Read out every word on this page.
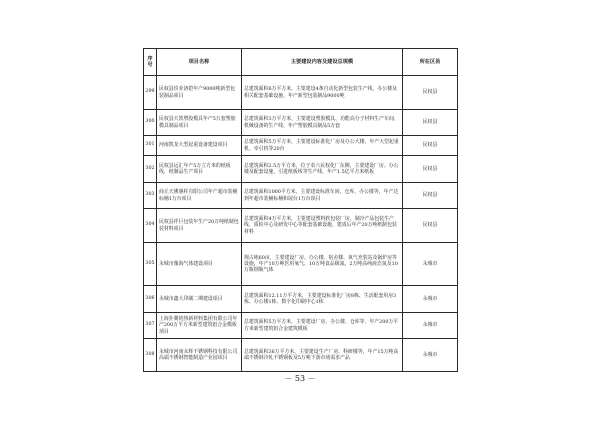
序号	项目名称	主要建设内容及建设总规模	所在区县
299	民权县玖业洛铠年产9000吨新型包装制品项目	总建筑面积6万平方米，主要建设4条自动化新型包装生产线，办公楼及相关配套基础设施，年产新型包装制品9000吨	民权县
300	民权县天凯塑胶模具年产5万套塑胶模具制品项目	总建筑面积3万平方米，主要建设塑胶模具、功能高分子材料生产车间，机械设备的生产线，年产塑胶模具制品5万套	民权县
301	河南凯龙大型起重设备建设项目	总建筑面积5万平方米，主要建设标准化厂房及办公大楼，年产大型起重机、牵引机等20台	民权县
302	民权县远汇年产5万立方米的纸板线，纸制品生产项目	总建筑面积2.5万平方米，位于农六民权化厂东侧，主要建设厂房、办公楼及配套设施，引进纸板线等生产线，年产1.5亿平方米纸板	民权县
303	商丘天佛惠柱有限公司年产超市装桶标桶1万台项目	总建筑面积1000平方米，主要建设标准车间，仓库、办公楼等，年产达到年超市装桶标桶和展台1万台项目	民权县
304	民权县祥巨包装年生产20万吨纸制包装材料项目	总建筑面积4万平方米，主要建设塑料软包装厂房、制冷产品包装生产线、质检中心及研发中心等配套基础设施，建成后年产20万吨纸制包装材料	民权县
305	永城市豫海气体建设项目	规占地60亩，主要建设厂房、办公楼、宿舍楼、氧气充装站及锅炉房等设施，年产10万吨医用氧气、10万吨食品级氮、2万吨高纯液态氩及10万瓶钢瓶气体	永城市
306	永城市鑫大印刷二期建设项目	总建筑面积12.11万平方米，主要建设标准化厂房8栋、生活配套用房3栋、办公楼1栋、数字化印刷中心1栋	永城市
307	上海扑翼铝热新材料集团有限公司年产200万平方米新型建筑铝合金模板项目	总建筑面积5万平方米，主要建设厂房、办公楼、仓库等，年产200万平方米新型建筑铝合金建筑模板	永城市
308	永城市河南永辉不锈钢科技有限公司高端不锈钢智能制造产业园项目	总建筑面积36万平方米，主要建设生产厂房、科研楼等，年产15万吨高端不锈钢冷轧不锈钢板及5万吨下游市场需求产品	永城市
－ 53 －
